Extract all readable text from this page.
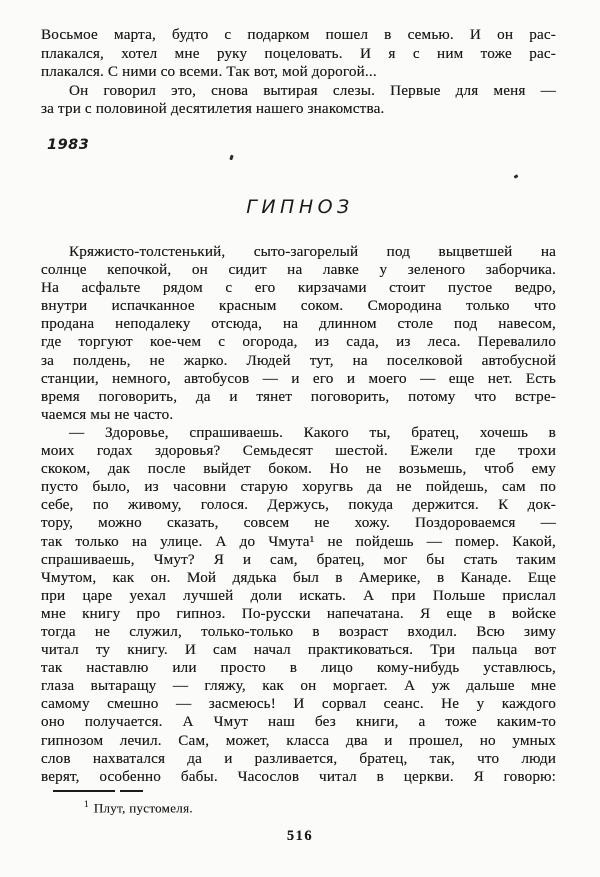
Восьмое марта, будто с подарком пошел в семью. И он рас-
плакался, хотел мне руку поцеловать. И я с ним тоже рас-
плакался. С ними со всеми. Так вот, мой дорогой...
Он говорил это, снова вытирая слезы. Первые для меня —
за три с половиной десятилетия нашего знакомства.
1983
ГИПНОЗ
Кряжисто-толстенький, сыто-загорелый под выцветшей на
солнце кепочкой, он сидит на лавке у зеленого заборчика.
На асфальте рядом с его кирзачами стоит пустое ведро,
внутри испачканное красным соком. Смородина только что
продана неподалеку отсюда, на длинном столе под навесом,
где торгуют кое-чем с огорода, из сада, из леса. Перевалило
за полдень, не жарко. Людей тут, на поселковой автобусной
станции, немного, автобусов — и его и моего — еще нет. Есть
время поговорить, да и тянет поговорить, потому что встре-
чаемся мы не часто.
— Здоровье, спрашиваешь. Какого ты, братец, хочешь в
моих годах здоровья? Семьдесят шестой. Ежели где трохи
скоком, дак после выйдет боком. Но не возьмешь, чтоб ему
пусто было, из часовни старую хоругвь да не пойдешь, сам по
себе, по живому, голося. Держусь, покуда держится. К док-
тору, можно сказать, совсем не хожу. Поздороваемся —
так только на улице. А до Чмута¹ не пойдешь — помер. Какой,
спрашиваешь, Чмут? Я и сам, братец, мог бы стать таким
Чмутом, как он. Мой дядька был в Америке, в Канаде. Еще
при царе уехал лучшей доли искать. А при Польше прислал
мне книгу про гипноз. По-русски напечатана. Я еще в войске
тогда не служил, только-только в возраст входил. Всю зиму
читал ту книгу. И сам начал практиковаться. Три пальца вот
так наставлю или просто в лицо кому-нибудь уставлюсь,
глаза вытаращу — гляжу, как он моргает. А уж дальше мне
самому смешно — засмеюсь! И сорвал сеанс. Не у каждого
оно получается. А Чмут наш без книги, а тоже каким-то
гипнозом лечил. Сам, может, класса два и прошел, но умных
слов нахватался да и разливается, братец, так, что люди
верят, особенно бабы. Часослов читал в церкви. Я говорю:
$^1$ Плут, пустомеля.
516
